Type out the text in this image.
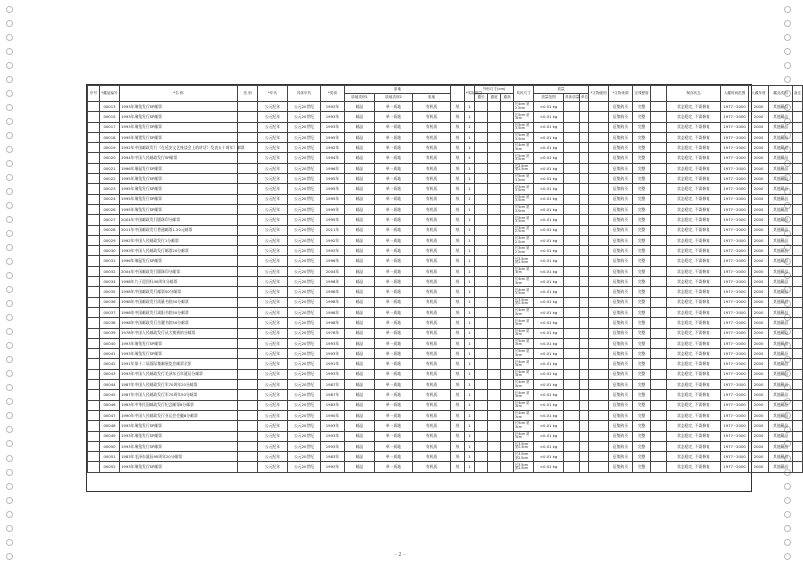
序号	*藏品编号	*名 称	类 别	*年代	具体年代	*类别	质地				*实际数量	外形尺寸(cm)			具体尺寸	质量			*文物级别	*文物来源	完残程度		保存状态	入藏时间范围	入藏年度	藏品类别	备注	
							质地类别1	质地类别2	质地			通长	通宽	通高		质量范围	具体质量	单位										
	00013	1993年瑞兔发行SP邮票		公元纪年	公元20世纪	1993年	邮品	单一质地	有机质	纸	1				长4cm 宽2.5cm	<0.01 kg				征集购买	完整		状态稳定, 不需修复	1977~2000	2000	其他藏品		
	00015	1993年瑞兔发行SP邮票		公元纪年	公元20世纪	1993年	邮品	单一质地	有机质	纸	1				长5cm 宽3cm	<0.01 kg				征集购买	完整		状态稳定, 不需修复	1977~2000	2000	其他藏品		
	00017	1993年瑞兔发行SP邮票		公元纪年	公元20世纪	1993年	邮品	单一质地	有机质	纸	1				长5cm 宽3.5cm	<0.01 kg				征集购买	完整		状态稳定, 不需修复	1977~2000	2000	其他藏品		
	00018	1995年瑞猪发行SP邮票		公元纪年	公元20世纪	1995年	邮品	单一质地	有机质	纸	1				长5cm 宽3.5cm	<0.01 kg				征集购买	完整		状态稳定, 不需修复	1977~2000	2000	其他藏品		
	00019	1992年中国邮政发行《在延安文艺座谈会上的讲话》发表五十周年》邮票		公元纪年	公元20世纪	1992年	邮品	单一质地	有机质	纸	1				长4cm 宽3cm	<0.01 kg				征集购买	完整		状态稳定, 不需修复	1977~2000	2000	其他藏品		
	00020	1994年中国人民邮政发行SP邮票		公元纪年	公元20世纪	1994年	邮品	单一质地	有机质	纸	1				长5cm 宽3.5cm	<0.01 kg				征集购买	完整		状态稳定, 不需修复	1977~2000	2000	其他藏品		
	00021	1996年瑞鼠发行SP邮票		公元纪年	公元20世纪	1996年	邮品	单一质地	有机质	纸	1				长3.5cm 宽2.5cm	<0.01 kg				征集购买	完整		状态稳定, 不需修复	1977~2000	2000	其他藏品		
	00022	1995年瑞兔发行SP邮票		公元纪年	公元20世纪	1995年	邮品	单一质地	有机质	纸	1				长5cm 宽3.5cm	<0.01 kg				征集购买	完整		状态稳定, 不需修复	1977~2000	2000	其他藏品		
	00023	1995年瑞兔发行SP邮票		公元纪年	公元20世纪	1995年	邮品	单一质地	有机质	纸	1				长5cm 宽3.5cm	<0.01 kg				征集购买	完整		状态稳定, 不需修复	1977~2000	2000	其他藏品		
	00024	1995年瑞兔发行SP邮票		公元纪年	公元20世纪	1995年	邮品	单一质地	有机质	纸	1				长5cm 宽3.5cm	<0.01 kg				征集购买	完整		状态稳定, 不需修复	1977~2000	2000	其他藏品		
	00026	1995年瑞兔发行SP邮票		公元纪年	公元20世纪	1995年	邮品	单一质地	有机质	纸	1				长5cm 宽3.5cm	<0.01 kg				征集购买	完整		状态稳定, 不需修复	1977~2000	2000	其他藏品		
	00027	2004年中国邮政发行圆珠印分邮票		公元纪年	公元20世纪	1995年	邮品	单一质地	有机质	纸	1				长5cm 宽3.5cm	<0.01 kg				征集购买	完整		状态稳定, 不需修复	1977~2000	2000	其他藏品		
	00028	2011年中国邮政发行普通邮票1.20元邮票		公元纪年	公元20世纪	2011年	邮品	单一质地	有机质	纸	1				长3cm 宽2.5cm	<0.01 kg				征集购买	完整		状态稳定, 不需修复	1977~2000	2000	其他藏品		
	00029	1992年中国人民邮政发行1分邮票		公元纪年	公元20世纪	1992年	邮品	单一质地	有机质	纸	1				长3cm 宽2.5cm	<0.01 kg				征集购买	完整		状态稳定, 不需修复	1977~2000	2000	其他藏品		
	00030	1993年中国人民邮政发行邮票20分邮票		公元纪年	公元20世纪	1993年	邮品	单一质地	有机质	纸	1				长3cm 宽2.5cm	<0.01 kg				征集购买	完整		状态稳定, 不需修复	1977~2000	2000	其他藏品		
	00031	1996年瑞鼠发行SP邮票		公元纪年	公元20世纪	1996年	邮品	单一质地	有机质	纸	1				长3.5cm 宽2.5cm	<0.01 kg				征集购买	完整		状态稳定, 不需修复	1977~2000	2000	其他藏品		
	00032	2004年中国邮政发行圆珠印分邮票		公元纪年	公元20世纪	2004年	邮品	单一质地	有机质	纸	1				长4cm 宽3cm	<0.01 kg				征集购买	完整		状态稳定, 不需修复	1977~2000	2000	其他藏品		
	00034	1998年九子迎回归40周年分邮票		公元纪年	公元20世纪	1998年	邮品	单一质地	有机质	纸	1				长4cm 宽3cm	<0.01 kg				征集购买	完整		状态稳定, 不需修复	1977~2000	2000	其他藏品		
	00035	1998年中国邮政发行邮票50分邮票		公元纪年	公元20世纪	1998年	邮品	单一质地	有机质	纸	1				长4cm 宽3.5cm	<0.01 kg				征集购买	完整		状态稳定, 不需修复	1977~2000	2000	其他藏品		
	00036	1998年中国邮政发行质量书院50分邮票		公元纪年	公元20世纪	1998年	邮品	单一质地	有机质	纸	1				长3.5cm 宽2.5cm	<0.01 kg				征集购买	完整		状态稳定, 不需修复	1977~2000	2000	其他藏品		
	00037	1998年中国邮政发行嵩阳书院50分邮票		公元纪年	公元20世纪	1998年	邮品	单一质地	有机质	纸	1				长4cm 宽3cm	<0.01 kg				征集购买	完整		状态稳定, 不需修复	1977~2000	2000	其他藏品		
	00038	1998年中国邮政发行岳麓书院50分邮票		公元纪年	公元20世纪	1998年	邮品	单一质地	有机质	纸	1				长4cm 宽3cm	<0.01 kg				征集购买	完整		状态稳定, 不需修复	1977~2000	2000	其他藏品		
	00039	1978年中国人民邮政发行从大寨到的分邮票		公元纪年	公元20世纪	1978年	邮品	单一质地	有机质	纸	1				长4cm 宽3cm	<0.01 kg				征集购买	完整		状态稳定, 不需修复	1977~2000	2000	其他藏品		
	00040	1993年瑞兔发行SP邮票		公元纪年	公元20世纪	1993年	邮品	单一质地	有机质	纸	1				长5cm 宽3cm	<0.01 kg				征集购买	完整		状态稳定, 不需修复	1977~2000	2000	其他藏品		
	00041	1993年瑞兔发行SP邮票		公元纪年	公元20世纪	1993年	邮品	单一质地	有机质	纸	1				长5cm 宽3cm	<0.01 kg				征集购买	完整		状态稳定, 不需修复	1977~2000	2000	其他藏品		
	00042	1991年第十二届国际集邮展览会邮票全张		公元纪年	公元20世纪	1991年	邮品	单一质地	有机质	纸	1				长4cm 宽3cm	<0.01 kg				征集购买	完整		状态稳定, 不需修复	1977~2000	2000	其他藏品		
	00043	1993年中国人民邮政发行毛泽东百年诞辰分邮票		公元纪年	公元20世纪	1993年	邮品	单一质地	有机质	纸	1				长4cm 宽3cm	<0.01 kg				征集购买	完整		状态稳定, 不需修复	1977~2000	2000	其他藏品		
	00044	1987年中国人民邮政发行军70周年20分邮票		公元纪年	公元20世纪	1987年	邮品	单一质地	有机质	纸	1				长4cm 宽3cm	<0.01 kg				征集购买	完整		状态稳定, 不需修复	1977~2000	2000	其他藏品		
	00045	1987年中国人民邮政发行军70周年50分邮票		公元纪年	公元20世纪	1987年	邮品	单一质地	有机质	纸	1				长4cm 宽3cm	<0.01 kg				征集购买	完整		状态稳定, 不需修复	1977~2000	2000	其他藏品		
	00046	1983年中华民国邮政发行纪念邮票8分邮票		公元纪年	公元20世纪	1983年	邮品	单一质地	有机质	纸	1				长4cm 宽3cm	<0.01 kg				征集购买	完整		状态稳定, 不需修复	1977~2000	2000	其他藏品		
	00047	1990年中国人民邮政发行亚运会会徽8分邮票		公元纪年	公元20世纪	1990年	邮品	单一质地	有机质	纸	1				长4cm 宽3cm	<0.01 kg				征集购买	完整		状态稳定, 不需修复	1977~2000	2000	其他藏品		
	00048	1993年瑞兔发行SP邮票		公元纪年	公元20世纪	1993年	邮品	单一质地	有机质	纸	1				长5cm 宽3cm	<0.01 kg				征集购买	完整		状态稳定, 不需修复	1977~2000	2000	其他藏品		
	00049	1993年瑞兔发行SP邮票		公元纪年	公元20世纪	1993年	邮品	单一质地	有机质	纸	1				长4cm 宽3cm	<0.01 kg				征集购买	完整		状态稳定, 不需修复	1977~2000	2000	其他藏品		
	00050	1993年瑞兔发行SP邮票		公元纪年	公元20世纪	1993年	邮品	单一质地	有机质	纸	1				长3.5cm 宽2.5cm	<0.01 kg				征集购买	完整		状态稳定, 不需修复	1977~2000	2000	其他藏品		
	00051	1983年毛泽东诞辰90周年20分邮票		公元纪年	公元20世纪	1983年	邮品	单一质地	有机质	纸	1				长3.5cm 宽2.5cm	<0.01 kg				征集购买	完整		状态稳定, 不需修复	1977~2000	2000	其他藏品		
	00052	1993年瑞兔发行SP邮票		公元纪年	公元20世纪	1993年	邮品	单一质地	有机质	纸	1				长3.5cm 宽2.5cm	<0.01 kg				征集购买	完整		状态稳定, 不需修复	1977~2000	2000	其他藏品		
- 2 -
